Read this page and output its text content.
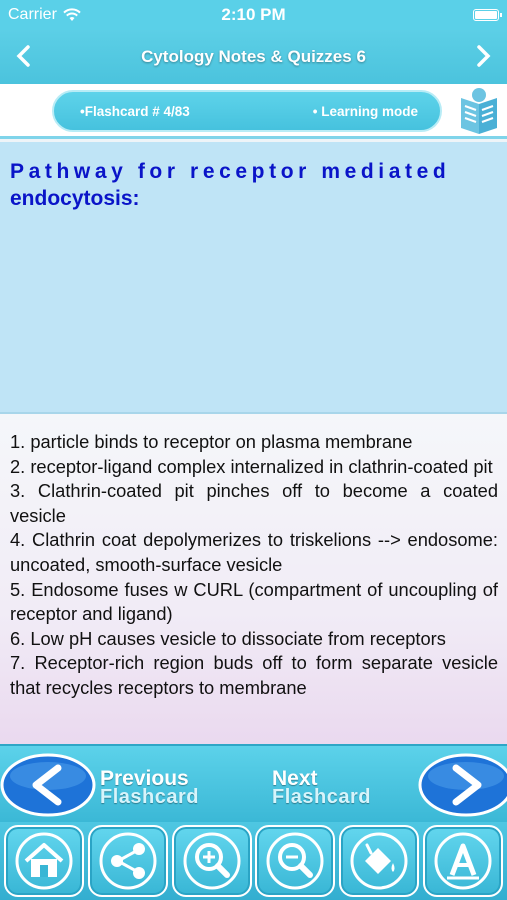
Carrier	2:10 PM
Cytology Notes & Quizzes 6
•Flashcard # 4/83	• Learning mode
Pathway for receptor mediated
endocytosis:
1. particle binds to receptor on plasma membrane
2. receptor-ligand complex internalized in clathrin-coated pit
3. Clathrin-coated pit pinches off to become a coated vesicle
4. Clathrin coat depolymerizes to triskelions --> endosome: uncoated, smooth-surface vesicle
5. Endosome fuses w CURL (compartment of uncoupling of receptor and ligand)
6. Low pH causes vesicle to dissociate from receptors
7. Receptor-rich region buds off to form separate vesicle that recycles receptors to membrane
Previous
Flashcard
Next
Flashcard
